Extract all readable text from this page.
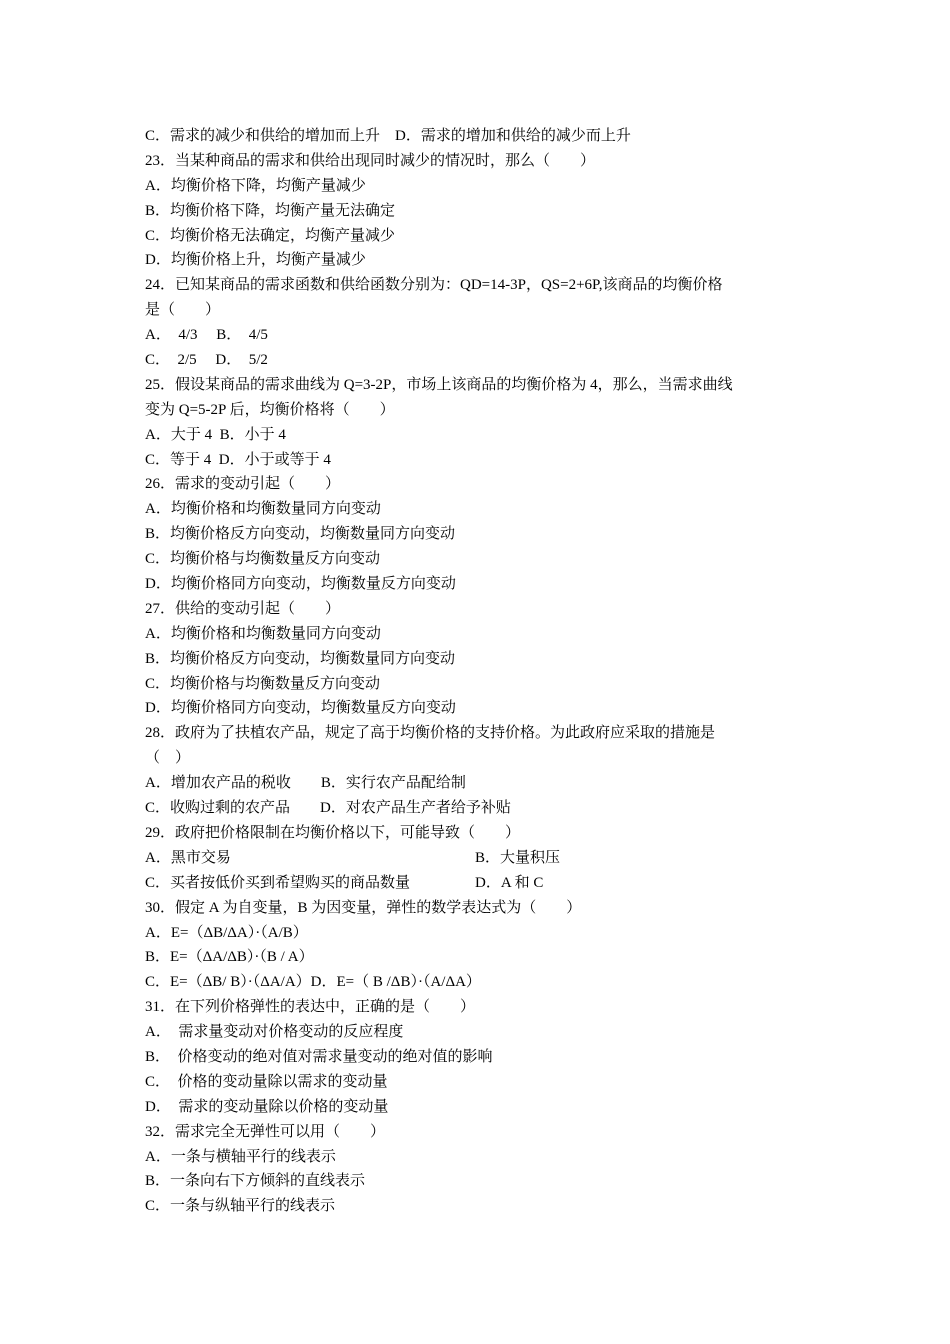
C．需求的减少和供给的增加而上升　D．需求的增加和供给的减少而上升
23．当某种商品的需求和供给出现同时减少的情况时，那么（　　）
A．均衡价格下降，均衡产量减少
B．均衡价格下降，均衡产量无法确定
C．均衡价格无法确定，均衡产量减少
D．均衡价格上升，均衡产量减少
24．已知某商品的需求函数和供给函数分别为：QD=14-3P，QS=2+6P,该商品的均衡价格
是（　　）
A．　4/3　 B．　4/5
C．　2/5　 D．　5/2
25．假设某商品的需求曲线为 Q=3-2P，市场上该商品的均衡价格为 4，那么，当需求曲线
变为 Q=5-2P 后，均衡价格将（　　）
A．大于 4  B．小于 4
C．等于 4  D．小于或等于 4
26．需求的变动引起（　　）
A．均衡价格和均衡数量同方向变动
B．均衡价格反方向变动，均衡数量同方向变动
C．均衡价格与均衡数量反方向变动
D．均衡价格同方向变动，均衡数量反方向变动
27．供给的变动引起（　　）
A．均衡价格和均衡数量同方向变动
B．均衡价格反方向变动，均衡数量同方向变动
C．均衡价格与均衡数量反方向变动
D．均衡价格同方向变动，均衡数量反方向变动
28．政府为了扶植农产品，规定了高于均衡价格的支持价格。为此政府应采取的措施是
（　）
A．增加农产品的税收　　B．实行农产品配给制
C．收购过剩的农产品　　D．对农产品生产者给予补贴
29．政府把价格限制在均衡价格以下，可能导致（　　）
A．黑市交易	B．大量积压
C．买者按低价买到希望购买的商品数量	D．A 和 C
30．假定 A 为自变量，B 为因变量，弹性的数学表达式为（　　）
A．E=（ΔB/ΔA）·（A/B）
B．E=（ΔA/ΔB）·（B / A）
C．E=（ΔB/ B）·（ΔA/A）D．E=（ B /ΔB）·（A/ΔA）
31．在下列价格弹性的表达中，正确的是（　　）
A．　需求量变动对价格变动的反应程度
B．　价格变动的绝对值对需求量变动的绝对值的影响
C．　价格的变动量除以需求的变动量
D．　需求的变动量除以价格的变动量
32．需求完全无弹性可以用（　　）
A．一条与横轴平行的线表示
B．一条向右下方倾斜的直线表示
C．一条与纵轴平行的线表示
